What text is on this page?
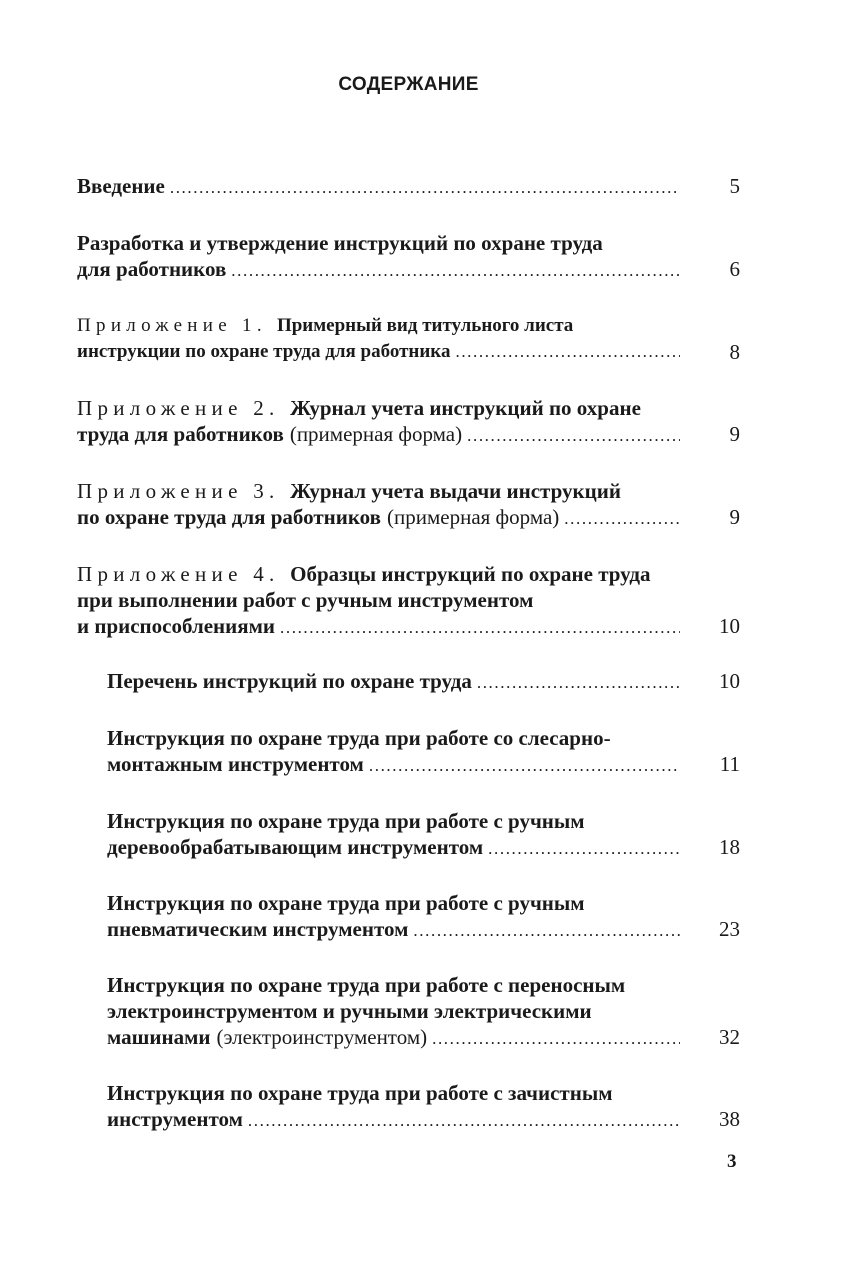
СОДЕРЖАНИЕ
Введение .....	5
Разработка и утверждение инструкций по охране труда
для работников .....	6
Приложение 1. Примерный вид титульного листа
инструкции по охране труда для работника .....	8
Приложение 2. Журнал учета инструкций по охране
труда для работников (примерная форма) .....	9
Приложение 3. Журнал учета выдачи инструкций
по охране труда для работников (примерная форма) .....	9
Приложение 4. Образцы инструкций по охране труда
при выполнении работ с ручным инструментом
и приспособлениями .....	10
Перечень инструкций по охране труда .....	10
Инструкция по охране труда при работе со слесарно-
монтажным инструментом .....	11
Инструкция по охране труда при работе с ручным
деревообрабатывающим инструментом .....	18
Инструкция по охране труда при работе с ручным
пневматическим инструментом .....	23
Инструкция по охране труда при работе с переносным
электроинструментом и ручными электрическими
машинами (электроинструментом) .....	32
Инструкция по охране труда при работе с зачистным
инструментом .....	38
3
